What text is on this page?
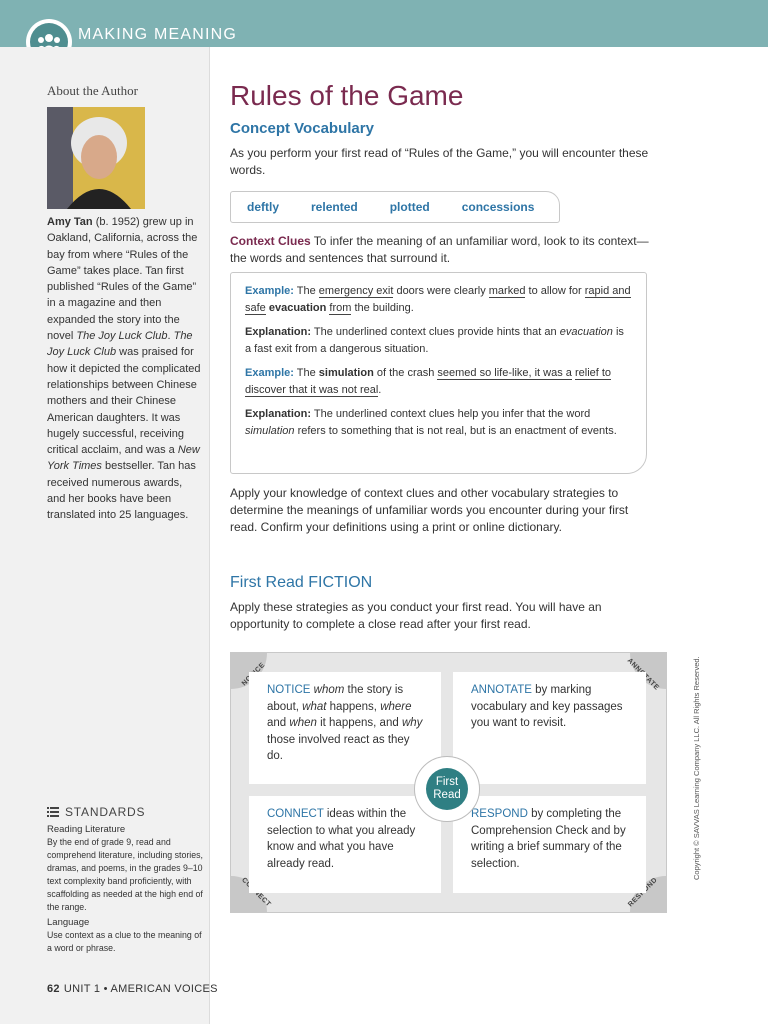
MAKING MEANING
About the Author
Amy Tan (b. 1952) grew up in Oakland, California, across the bay from where “Rules of the Game” takes place. Tan first published “Rules of the Game” in a magazine and then expanded the story into the novel The Joy Luck Club. The Joy Luck Club was praised for how it depicted the complicated relationships between Chinese mothers and their Chinese American daughters. It was hugely successful, receiving critical acclaim, and was a New York Times bestseller. Tan has received numerous awards, and her books have been translated into 25 languages.
STANDARDS
Reading Literature
By the end of grade 9, read and comprehend literature, including stories, dramas, and poems, in the grades 9–10 text complexity band proficiently, with scaffolding as needed at the high end of the range.
Language
Use context as a clue to the meaning of a word or phrase.
62 UNIT 1 • AMERICAN VOICES
Rules of the Game
Concept Vocabulary
As you perform your first read of “Rules of the Game,” you will encounter these words.
deftly	relented	plotted	concessions
Context Clues To infer the meaning of an unfamiliar word, look to its context—the words and sentences that surround it.
Example: The emergency exit doors were clearly marked to allow for rapid and safe evacuation from the building.
Explanation: The underlined context clues provide hints that an evacuation is a fast exit from a dangerous situation.
Example: The simulation of the crash seemed so life-like, it was a relief to discover that it was not real.
Explanation: The underlined context clues help you infer that the word simulation refers to something that is not real, but is an enactment of events.
Apply your knowledge of context clues and other vocabulary strategies to determine the meanings of unfamiliar words you encounter during your first read. Confirm your definitions using a print or online dictionary.
First Read FICTION
Apply these strategies as you conduct your first read. You will have an opportunity to complete a close read after your first read.
NOTICE whom the story is about, what happens, where and when it happens, and why those involved react as they do.
ANNOTATE by marking vocabulary and key passages you want to revisit.
CONNECT ideas within the selection to what you already know and what you have already read.
RESPOND by completing the Comprehension Check and by writing a brief summary of the selection.
First
Read	Copyright © SAVVAS Learning Company LLC. All Rights Reserved.
